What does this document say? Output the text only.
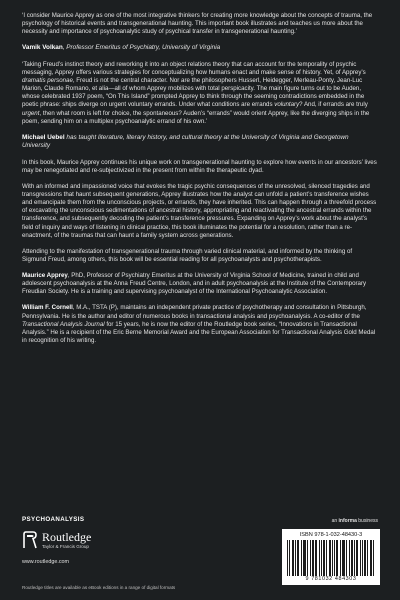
‘I consider Maurice Apprey as one of the most integrative thinkers for creating more knowledge about the concepts of trauma, the psychology of historical events and transgenerational haunting. This important book illustrates and teaches us more about the necessity and importance of psychoanalytic study of psychical transfer in transgenerational haunting.’

Vamik Volkan, Professor Emeritus of Psychiatry, University of Virginia

‘Taking Freud’s instinct theory and reworking it into an object relations theory that can account for the temporality of psychic messaging, Apprey offers various strategies for conceptualizing how humans enact and make sense of history. Yet, of Apprey’s dramatis personae, Freud is not the central character. Nor are the philosophers Husserl, Heidegger, Merleau-Ponty, Jean-Luc Marion, Claude Romano, et alia—all of whom Apprey mobilizes with total perspicacity. The main figure turns out to be Auden, whose celebrated 1937 poem, “On This Island” prompted Apprey to think through the seeming contradictions embedded in the poetic phrase: ships diverge on urgent voluntary errands. Under what conditions are errands voluntary? And, if errands are truly urgent, then what room is left for choice, the spontaneous? Auden’s “errands” would orient Apprey, like the diverging ships in the poem, sending him on a multiplex psychoanalytic errand of his own.’

Michael Uebel has taught literature, literary history, and cultural theory at the University of Virginia and Georgetown University

In this book, Maurice Apprey continues his unique work on transgenerational haunting to explore how events in our ancestors’ lives may be renegotiated and re-subjectivized in the present from within the therapeutic dyad.

With an informed and impassioned voice that evokes the tragic psychic consequences of the unresolved, silenced tragedies and transgressions that haunt subsequent generations, Apprey illustrates how the analyst can unfold a patient’s transference wishes and emancipate them from the unconscious projects, or errands, they have inherited. This can happen through a threefold process of excavating the unconscious sedimentations of ancestral history, appropriating and reactivating the ancestral errands within the transference, and subsequently decoding the patient’s transference pressures. Expanding on Apprey’s work about the analyst’s field of inquiry and ways of listening in clinical practice, this book illuminates the potential for a resolution, rather than a re-enactment, of the traumas that can haunt a family system across generations.

Attending to the manifestation of transgenerational trauma through varied clinical material, and informed by the thinking of Sigmund Freud, among others, this book will be essential reading for all psychoanalysts and psychotherapists.

Maurice Apprey, PhD, Professor of Psychiatry Emeritus at the University of Virginia School of Medicine, trained in child and adolescent psychoanalysis at the Anna Freud Centre, London, and in adult psychoanalysis at the Institute of the Contemporary Freudian Society. He is a training and supervising psychoanalyst of the International Psychoanalytic Association.

William F. Cornell, M.A., TSTA (P), maintains an independent private practice of psychotherapy and consultation in Pittsburgh, Pennsylvania. He is the author and editor of numerous books in transactional analysis and psychoanalysis. A co-editor of the Transactional Analysis Journal for 15 years, he is now the editor of the Routledge book series, “Innovations in Transactional Analysis.” He is a recipient of the Eric Berne Memorial Award and the European Association for Transactional Analysis Gold Medal in recognition of his writing.

PSYCHOANALYSIS	an informa business
Routledge
Taylor & Francis Group
www.routledge.com
Routledge titles are available as eBook editions in a range of digital formats
ISBN 978-1-032-48430-3
9 781032 484303
